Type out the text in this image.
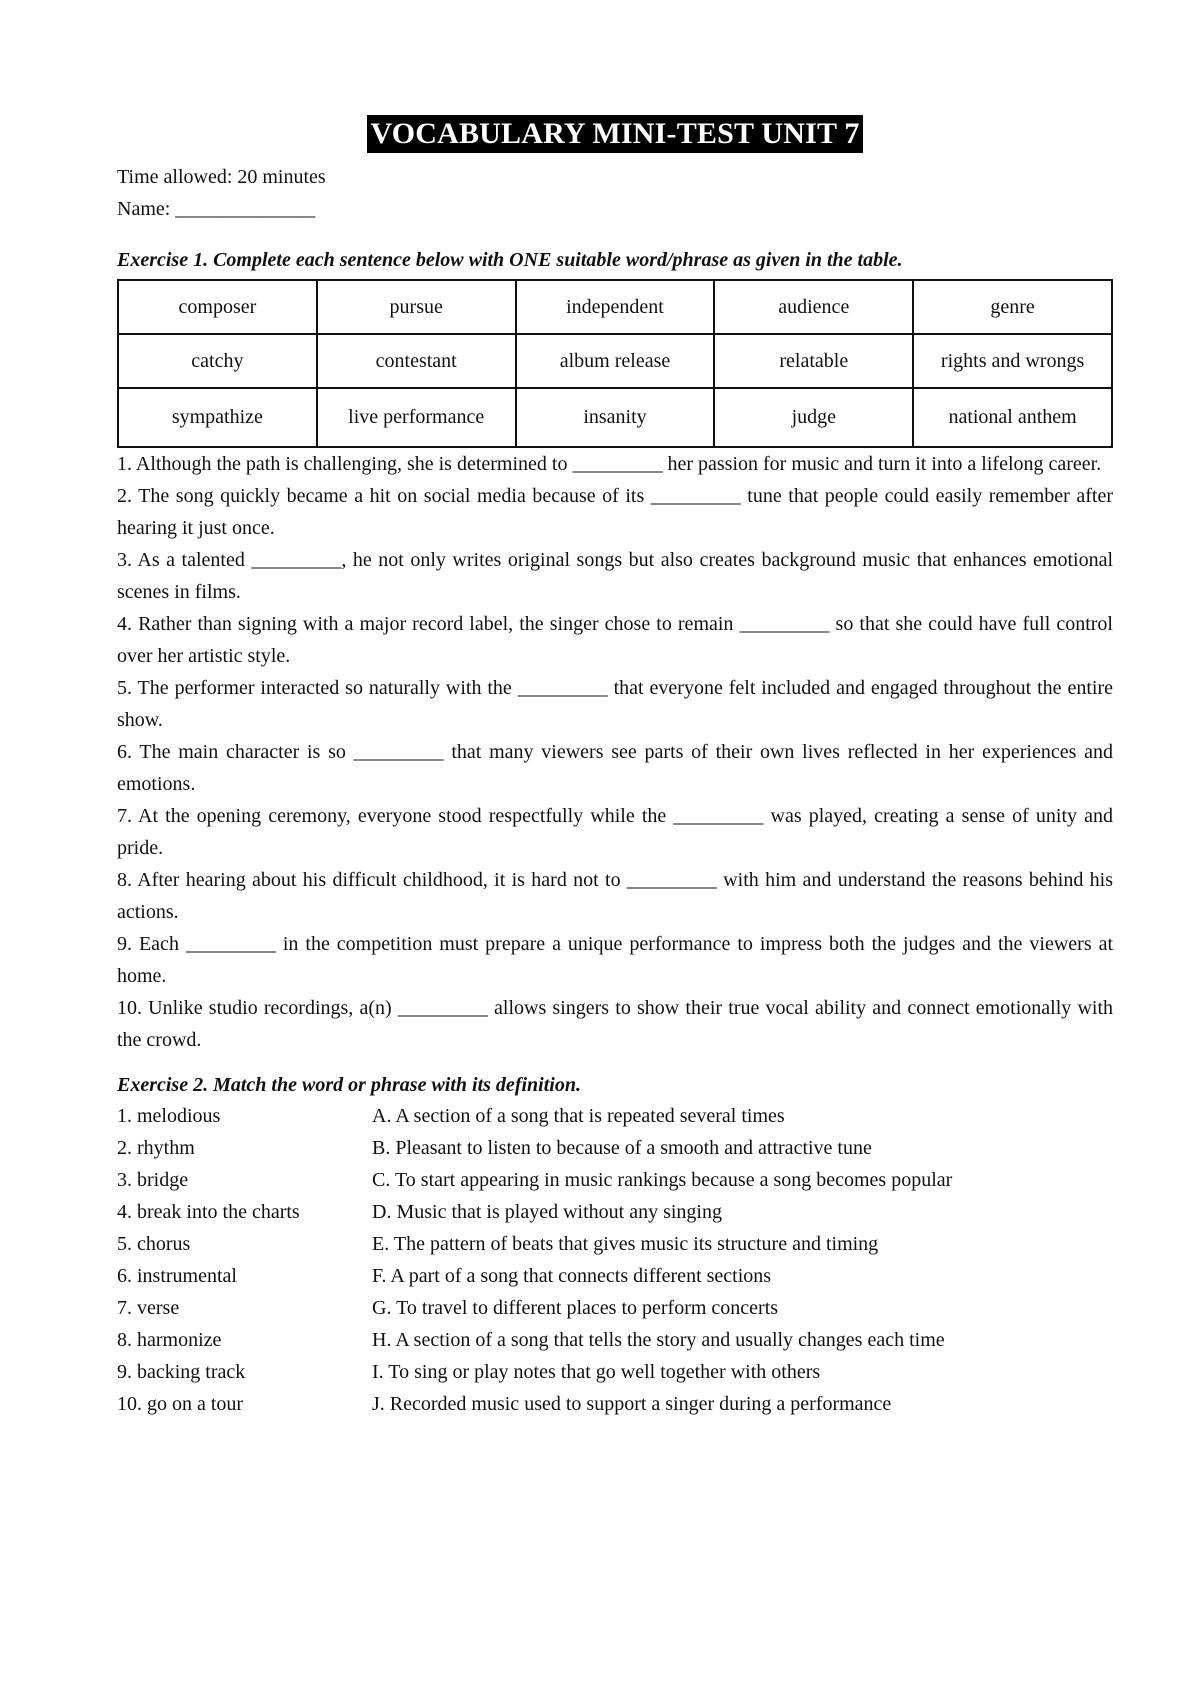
VOCABULARY MINI-TEST UNIT 7
Time allowed: 20 minutes
Name: ______________
Exercise 1. Complete each sentence below with ONE suitable word/phrase as given in the table.
composer	pursue	independent	audience	genre
catchy	contestant	album release	relatable	rights and wrongs
sympathize	live performance	insanity	judge	national anthem
1. Although the path is challenging, she is determined to _________ her passion for music and turn it into a lifelong career.
2. The song quickly became a hit on social media because of its _________ tune that people could easily remember after hearing it just once.
3. As a talented _________, he not only writes original songs but also creates background music that enhances emotional scenes in films.
4. Rather than signing with a major record label, the singer chose to remain _________ so that she could have full control over her artistic style.
5. The performer interacted so naturally with the _________ that everyone felt included and engaged throughout the entire show.
6. The main character is so _________ that many viewers see parts of their own lives reflected in her experiences and emotions.
7. At the opening ceremony, everyone stood respectfully while the _________ was played, creating a sense of unity and pride.
8. After hearing about his difficult childhood, it is hard not to _________ with him and understand the reasons behind his actions.
9. Each _________ in the competition must prepare a unique performance to impress both the judges and the viewers at home.
10. Unlike studio recordings, a(n) _________ allows singers to show their true vocal ability and connect emotionally with the crowd.
Exercise 2. Match the word or phrase with its definition.
1. melodious	A. A section of a song that is repeated several times
2. rhythm	B. Pleasant to listen to because of a smooth and attractive tune
3. bridge	C. To start appearing in music rankings because a song becomes popular
4. break into the charts	D. Music that is played without any singing
5. chorus	E. The pattern of beats that gives music its structure and timing
6. instrumental	F. A part of a song that connects different sections
7. verse	G. To travel to different places to perform concerts
8. harmonize	H. A section of a song that tells the story and usually changes each time
9. backing track	I. To sing or play notes that go well together with others
10. go on a tour	J. Recorded music used to support a singer during a performance
